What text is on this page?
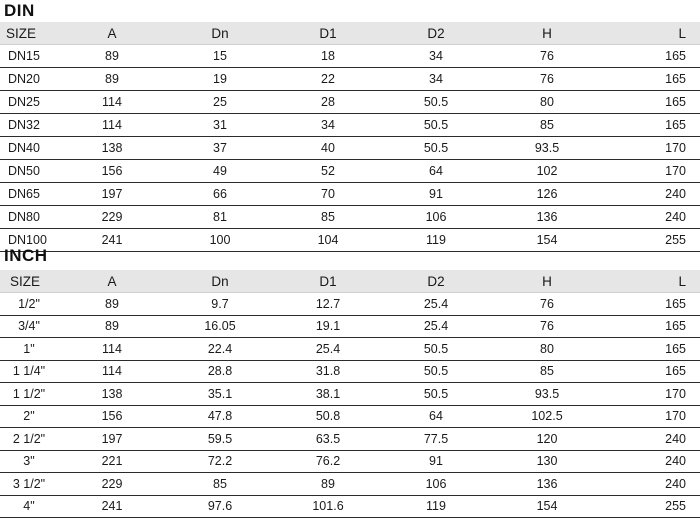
DIN
SIZE	A	Dn	D1	D2	H	L
DN15	89	15	18	34	76	165
DN20	89	19	22	34	76	165
DN25	114	25	28	50.5	80	165
DN32	114	31	34	50.5	85	165
DN40	138	37	40	50.5	93.5	170
DN50	156	49	52	64	102	170
DN65	197	66	70	91	126	240
DN80	229	81	85	106	136	240
DN100	241	100	104	119	154	255
INCH
SIZE	A	Dn	D1	D2	H	L
1/2"	89	9.7	12.7	25.4	76	165
3/4"	89	16.05	19.1	25.4	76	165
1"	114	22.4	25.4	50.5	80	165
1 1/4"	114	28.8	31.8	50.5	85	165
1 1/2"	138	35.1	38.1	50.5	93.5	170
2"	156	47.8	50.8	64	102.5	170
2 1/2"	197	59.5	63.5	77.5	120	240
3"	221	72.2	76.2	91	130	240
3 1/2"	229	85	89	106	136	240
4"	241	97.6	101.6	119	154	255
